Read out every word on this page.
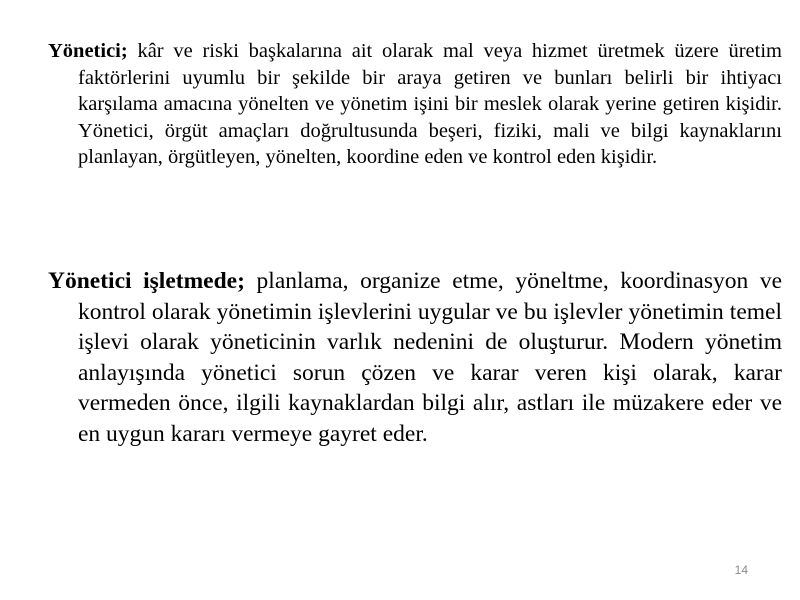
Yönetici; kâr ve riski başkalarına ait olarak mal veya hizmet üretmek üzere üretim faktörlerini uyumlu bir şekilde bir araya getiren ve bunları belirli bir ihtiyacı karşılama amacına yönelten ve yönetim işini bir meslek olarak yerine getiren kişidir. Yönetici, örgüt amaçları doğrultusunda beşeri, fiziki, mali ve bilgi kaynaklarını planlayan, örgütleyen, yönelten, koordine eden ve kontrol eden kişidir.

Yönetici işletmede; planlama, organize etme, yöneltme, koordinasyon ve kontrol olarak yönetimin işlevlerini uygular ve bu işlevler yönetimin temel işlevi olarak yöneticinin varlık nedenini de oluşturur. Modern yönetim anlayışında yönetici sorun çözen ve karar veren kişi olarak, karar vermeden önce, ilgili kaynaklardan bilgi alır, astları ile müzakere eder ve en uygun kararı vermeye gayret eder.

14
